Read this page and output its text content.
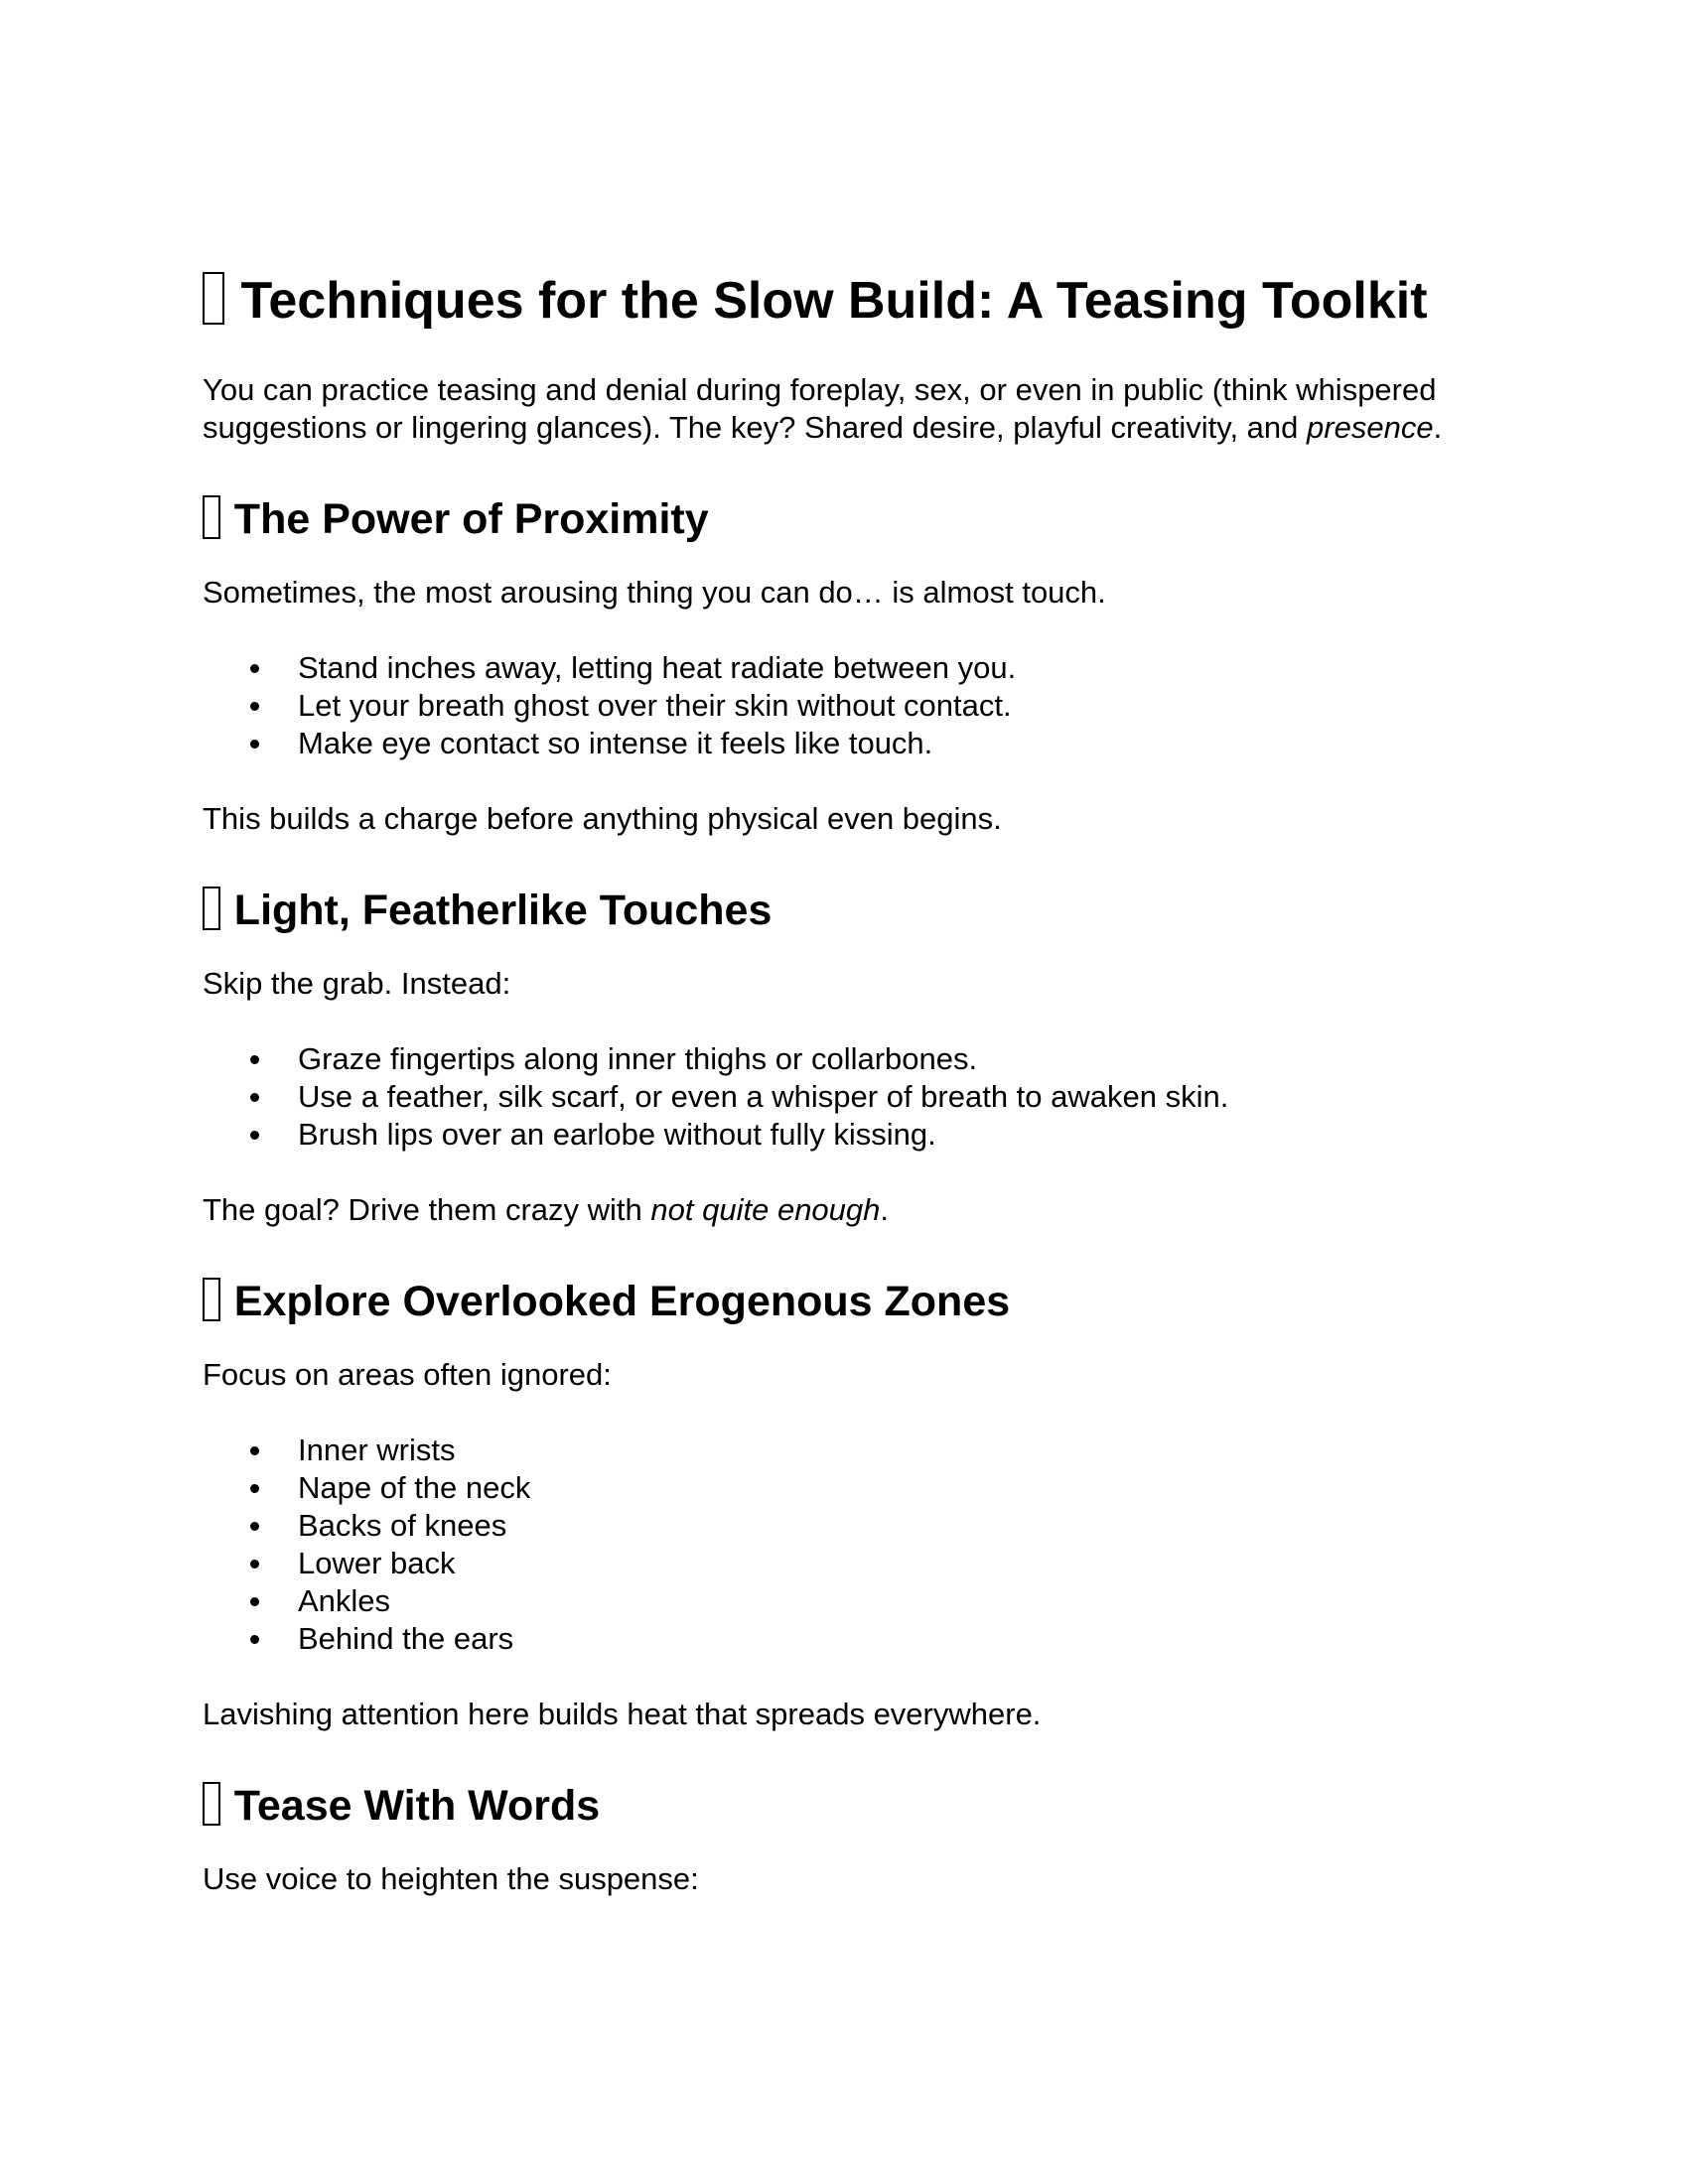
Techniques for the Slow Build: A Teasing Toolkit

You can practice teasing and denial during foreplay, sex, or even in public (think whispered suggestions or lingering glances). The key? Shared desire, playful creativity, and presence.

The Power of Proximity

Sometimes, the most arousing thing you can do… is almost touch.

Stand inches away, letting heat radiate between you.
Let your breath ghost over their skin without contact.
Make eye contact so intense it feels like touch.

This builds a charge before anything physical even begins.

Light, Featherlike Touches

Skip the grab. Instead:

Graze fingertips along inner thighs or collarbones.
Use a feather, silk scarf, or even a whisper of breath to awaken skin.
Brush lips over an earlobe without fully kissing.

The goal? Drive them crazy with not quite enough.

Explore Overlooked Erogenous Zones

Focus on areas often ignored:

Inner wrists
Nape of the neck
Backs of knees
Lower back
Ankles
Behind the ears

Lavishing attention here builds heat that spreads everywhere.

Tease With Words

Use voice to heighten the suspense:
